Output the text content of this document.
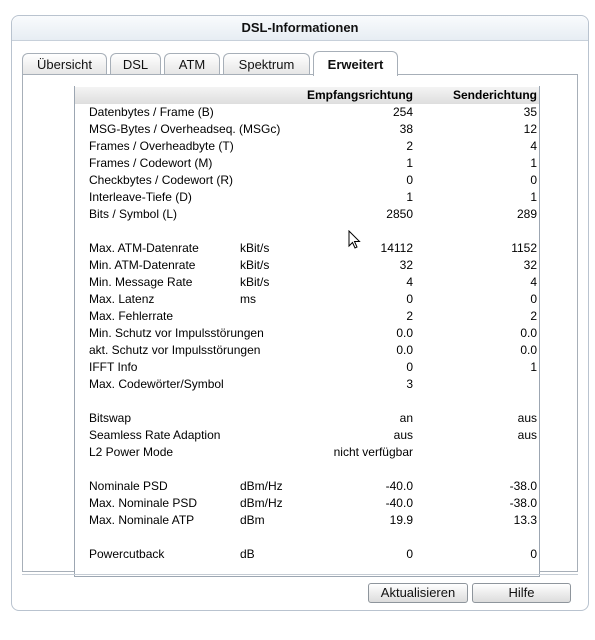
DSL-Informationen
Übersicht	DSL	ATM	Spektrum	Erweitert
Empfangsrichtung	Senderichtung
Datenbytes / Frame (B)	254	35
MSG-Bytes / Overheadseq. (MSGc)	38	12
Frames / Overheadbyte (T)	2	4
Frames / Codewort (M)	1	1
Checkbytes / Codewort (R)	0	0
Interleave-Tiefe (D)	1	1
Bits / Symbol (L)	2850	289
Max. ATM-Datenrate	kBit/s	14112	1152
Min. ATM-Datenrate	kBit/s	32	32
Min. Message Rate	kBit/s	4	4
Max. Latenz	ms	0	0
Max. Fehlerrate	2	2
Min. Schutz vor Impulsstörungen	0.0	0.0
akt. Schutz vor Impulsstörungen	0.0	0.0
IFFT Info	0	1
Max. Codewörter/Symbol	3
Bitswap	an	aus
Seamless Rate Adaption	aus	aus
L2 Power Mode	nicht verfügbar
Nominale PSD	dBm/Hz	-40.0	-38.0
Max. Nominale PSD	dBm/Hz	-40.0	-38.0
Max. Nominale ATP	dBm	19.9	13.3
Powercutback	dB	0	0
Aktualisieren	Hilfe
